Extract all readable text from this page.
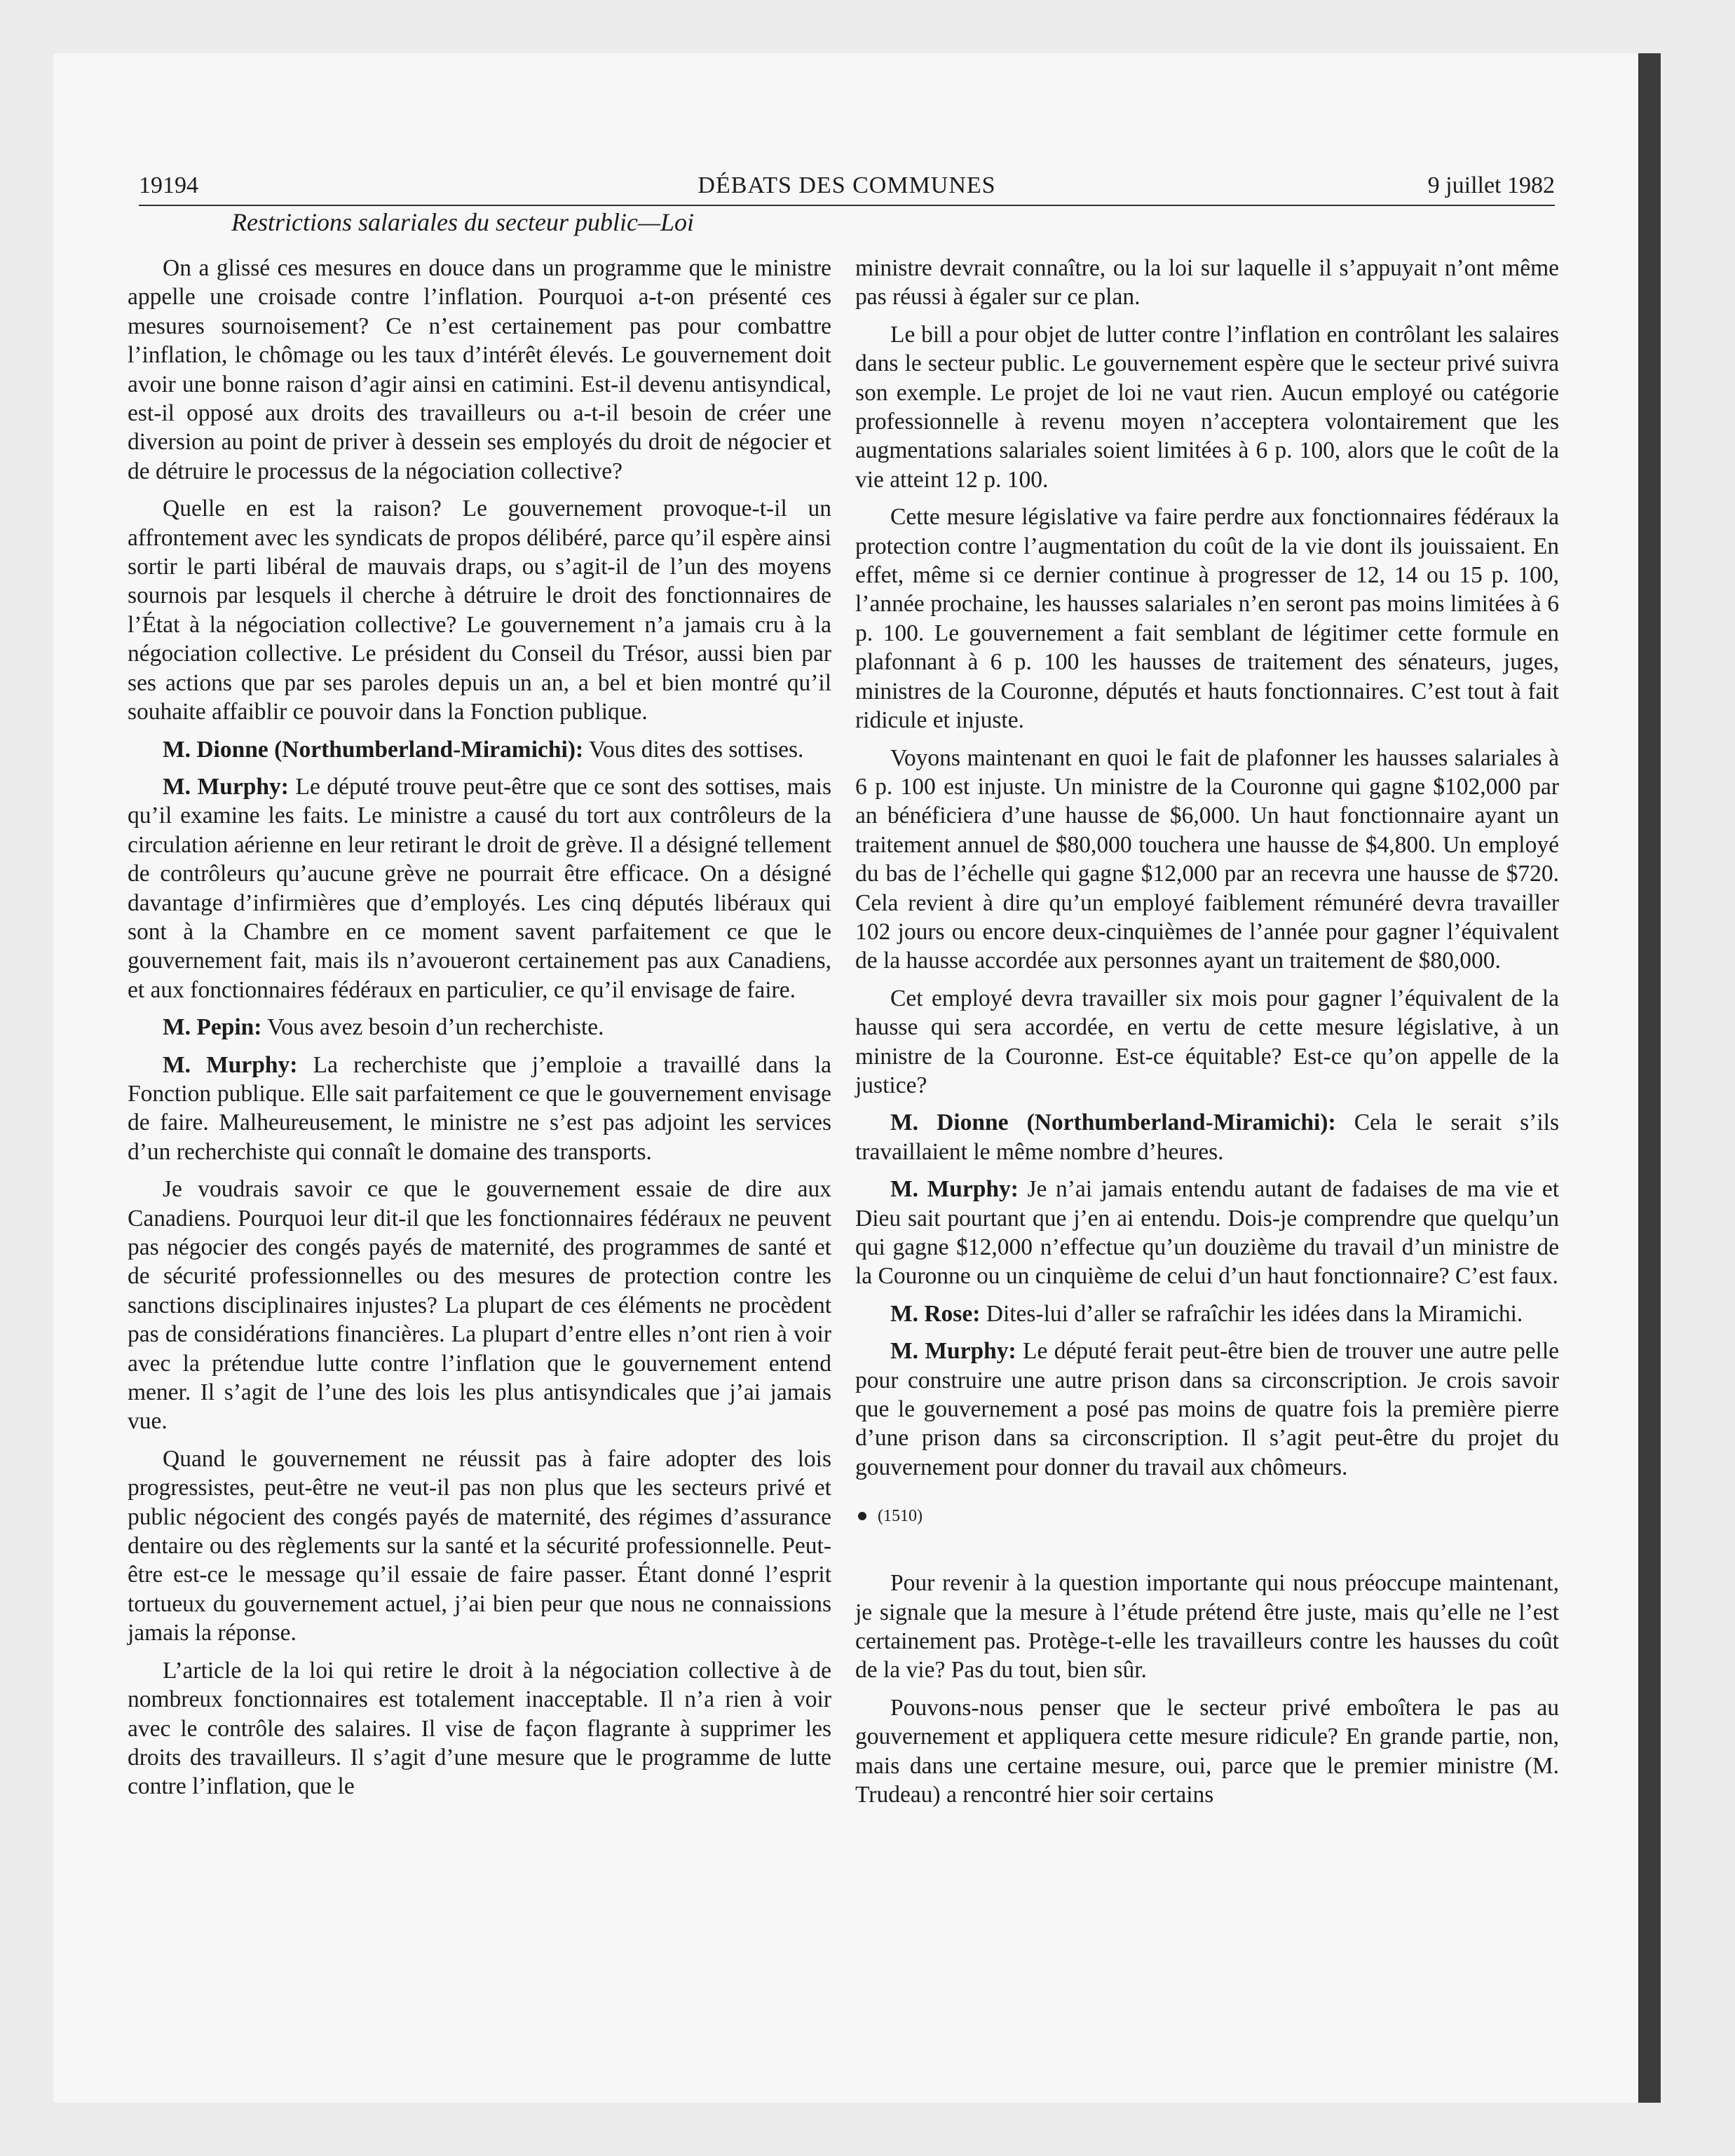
19194	DÉBATS DES COMMUNES	9 juillet 1982
Restrictions salariales du secteur public—Loi

On a glissé ces mesures en douce dans un programme que le ministre appelle une croisade contre l’inflation. Pourquoi a-t-on présenté ces mesures sournoisement? Ce n’est certainement pas pour combattre l’inflation, le chômage ou les taux d’intérêt élevés. Le gouvernement doit avoir une bonne raison d’agir ainsi en catimini. Est-il devenu antisyndical, est-il opposé aux droits des travailleurs ou a-t-il besoin de créer une diversion au point de priver à dessein ses employés du droit de négocier et de détruire le processus de la négociation collective?

Quelle en est la raison? Le gouvernement provoque-t-il un affrontement avec les syndicats de propos délibéré, parce qu’il espère ainsi sortir le parti libéral de mauvais draps, ou s’agit-il de l’un des moyens sournois par lesquels il cherche à détruire le droit des fonctionnaires de l’État à la négociation collective? Le gouvernement n’a jamais cru à la négociation collective. Le président du Conseil du Trésor, aussi bien par ses actions que par ses paroles depuis un an, a bel et bien montré qu’il souhaite affaiblir ce pouvoir dans la Fonction publique.

M. Dionne (Northumberland-Miramichi): Vous dites des sottises.

M. Murphy: Le député trouve peut-être que ce sont des sottises, mais qu’il examine les faits. Le ministre a causé du tort aux contrôleurs de la circulation aérienne en leur retirant le droit de grève. Il a désigné tellement de contrôleurs qu’aucune grève ne pourrait être efficace. On a désigné davantage d’infirmières que d’employés. Les cinq députés libéraux qui sont à la Chambre en ce moment savent parfaitement ce que le gouvernement fait, mais ils n’avoueront certainement pas aux Canadiens, et aux fonctionnaires fédéraux en particulier, ce qu’il envisage de faire.

M. Pepin: Vous avez besoin d’un recherchiste.

M. Murphy: La recherchiste que j’emploie a travaillé dans la Fonction publique. Elle sait parfaitement ce que le gouvernement envisage de faire. Malheureusement, le ministre ne s’est pas adjoint les services d’un recherchiste qui connaît le domaine des transports.

Je voudrais savoir ce que le gouvernement essaie de dire aux Canadiens. Pourquoi leur dit-il que les fonctionnaires fédéraux ne peuvent pas négocier des congés payés de maternité, des programmes de santé et de sécurité professionnelles ou des mesures de protection contre les sanctions disciplinaires injustes? La plupart de ces éléments ne procèdent pas de considérations financières. La plupart d’entre elles n’ont rien à voir avec la prétendue lutte contre l’inflation que le gouvernement entend mener. Il s’agit de l’une des lois les plus antisyndicales que j’ai jamais vue.

Quand le gouvernement ne réussit pas à faire adopter des lois progressistes, peut-être ne veut-il pas non plus que les secteurs privé et public négocient des congés payés de maternité, des régimes d’assurance dentaire ou des règlements sur la santé et la sécurité professionnelle. Peut-être est-ce le message qu’il essaie de faire passer. Étant donné l’esprit tortueux du gouvernement actuel, j’ai bien peur que nous ne connaissions jamais la réponse.

L’article de la loi qui retire le droit à la négociation collective à de nombreux fonctionnaires est totalement inacceptable. Il n’a rien à voir avec le contrôle des salaires. Il vise de façon flagrante à supprimer les droits des travailleurs. Il s’agit d’une mesure que le programme de lutte contre l’inflation, que le

ministre devrait connaître, ou la loi sur laquelle il s’appuyait n’ont même pas réussi à égaler sur ce plan.

Le bill a pour objet de lutter contre l’inflation en contrôlant les salaires dans le secteur public. Le gouvernement espère que le secteur privé suivra son exemple. Le projet de loi ne vaut rien. Aucun employé ou catégorie professionnelle à revenu moyen n’acceptera volontairement que les augmentations salariales soient limitées à 6 p. 100, alors que le coût de la vie atteint 12 p. 100.

Cette mesure législative va faire perdre aux fonctionnaires fédéraux la protection contre l’augmentation du coût de la vie dont ils jouissaient. En effet, même si ce dernier continue à progresser de 12, 14 ou 15 p. 100, l’année prochaine, les hausses salariales n’en seront pas moins limitées à 6 p. 100. Le gouvernement a fait semblant de légitimer cette formule en plafonnant à 6 p. 100 les hausses de traitement des sénateurs, juges, ministres de la Couronne, députés et hauts fonctionnaires. C’est tout à fait ridicule et injuste.

Voyons maintenant en quoi le fait de plafonner les hausses salariales à 6 p. 100 est injuste. Un ministre de la Couronne qui gagne $102,000 par an bénéficiera d’une hausse de $6,000. Un haut fonctionnaire ayant un traitement annuel de $80,000 touchera une hausse de $4,800. Un employé du bas de l’échelle qui gagne $12,000 par an recevra une hausse de $720. Cela revient à dire qu’un employé faiblement rémunéré devra travailler 102 jours ou encore deux-cinquièmes de l’année pour gagner l’équivalent de la hausse accordée aux personnes ayant un traitement de $80,000.

Cet employé devra travailler six mois pour gagner l’équivalent de la hausse qui sera accordée, en vertu de cette mesure législative, à un ministre de la Couronne. Est-ce équitable? Est-ce qu’on appelle de la justice?

M. Dionne (Northumberland-Miramichi): Cela le serait s’ils travaillaient le même nombre d’heures.

M. Murphy: Je n’ai jamais entendu autant de fadaises de ma vie et Dieu sait pourtant que j’en ai entendu. Dois-je comprendre que quelqu’un qui gagne $12,000 n’effectue qu’un douzième du travail d’un ministre de la Couronne ou un cinquième de celui d’un haut fonctionnaire? C’est faux.

M. Rose: Dites-lui d’aller se rafraîchir les idées dans la Miramichi.

M. Murphy: Le député ferait peut-être bien de trouver une autre pelle pour construire une autre prison dans sa circonscription. Je crois savoir que le gouvernement a posé pas moins de quatre fois la première pierre d’une prison dans sa circonscription. Il s’agit peut-être du projet du gouvernement pour donner du travail aux chômeurs.

(1510)

Pour revenir à la question importante qui nous préoccupe maintenant, je signale que la mesure à l’étude prétend être juste, mais qu’elle ne l’est certainement pas. Protège-t-elle les travailleurs contre les hausses du coût de la vie? Pas du tout, bien sûr.

Pouvons-nous penser que le secteur privé emboîtera le pas au gouvernement et appliquera cette mesure ridicule? En grande partie, non, mais dans une certaine mesure, oui, parce que le premier ministre (M. Trudeau) a rencontré hier soir certains
